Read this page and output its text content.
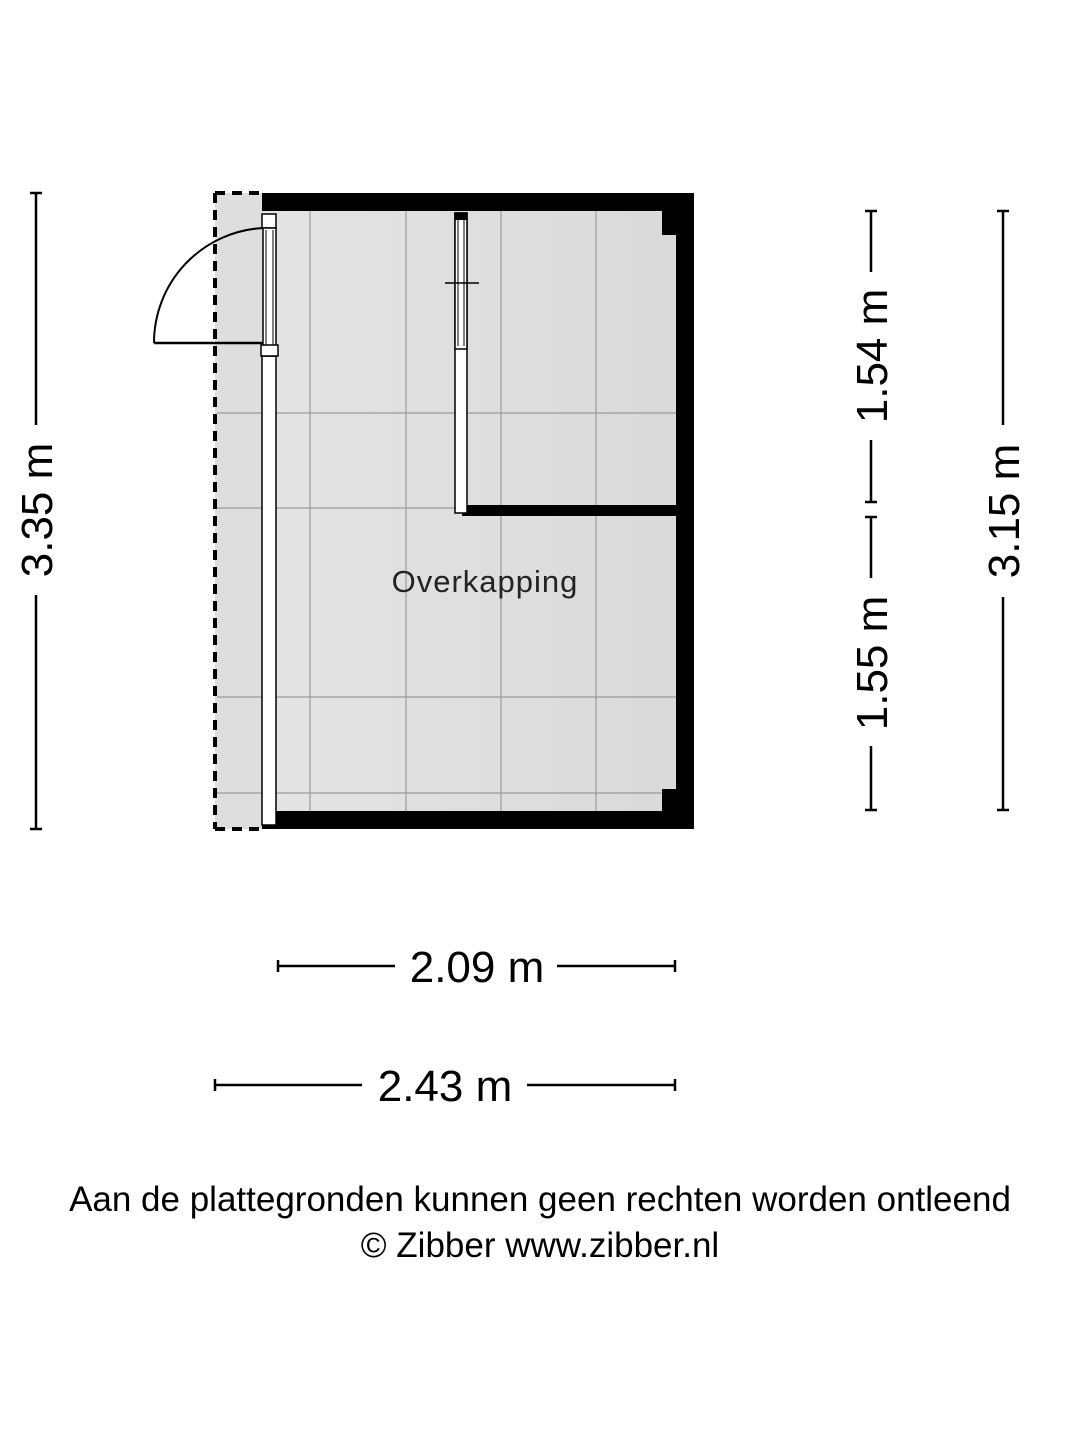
Overkapping
3.35 m
1.54 m
1.55 m
3.15 m
2.09 m
2.43 m
Aan de plattegronden kunnen geen rechten worden ontleend
© Zibber www.zibber.nl
